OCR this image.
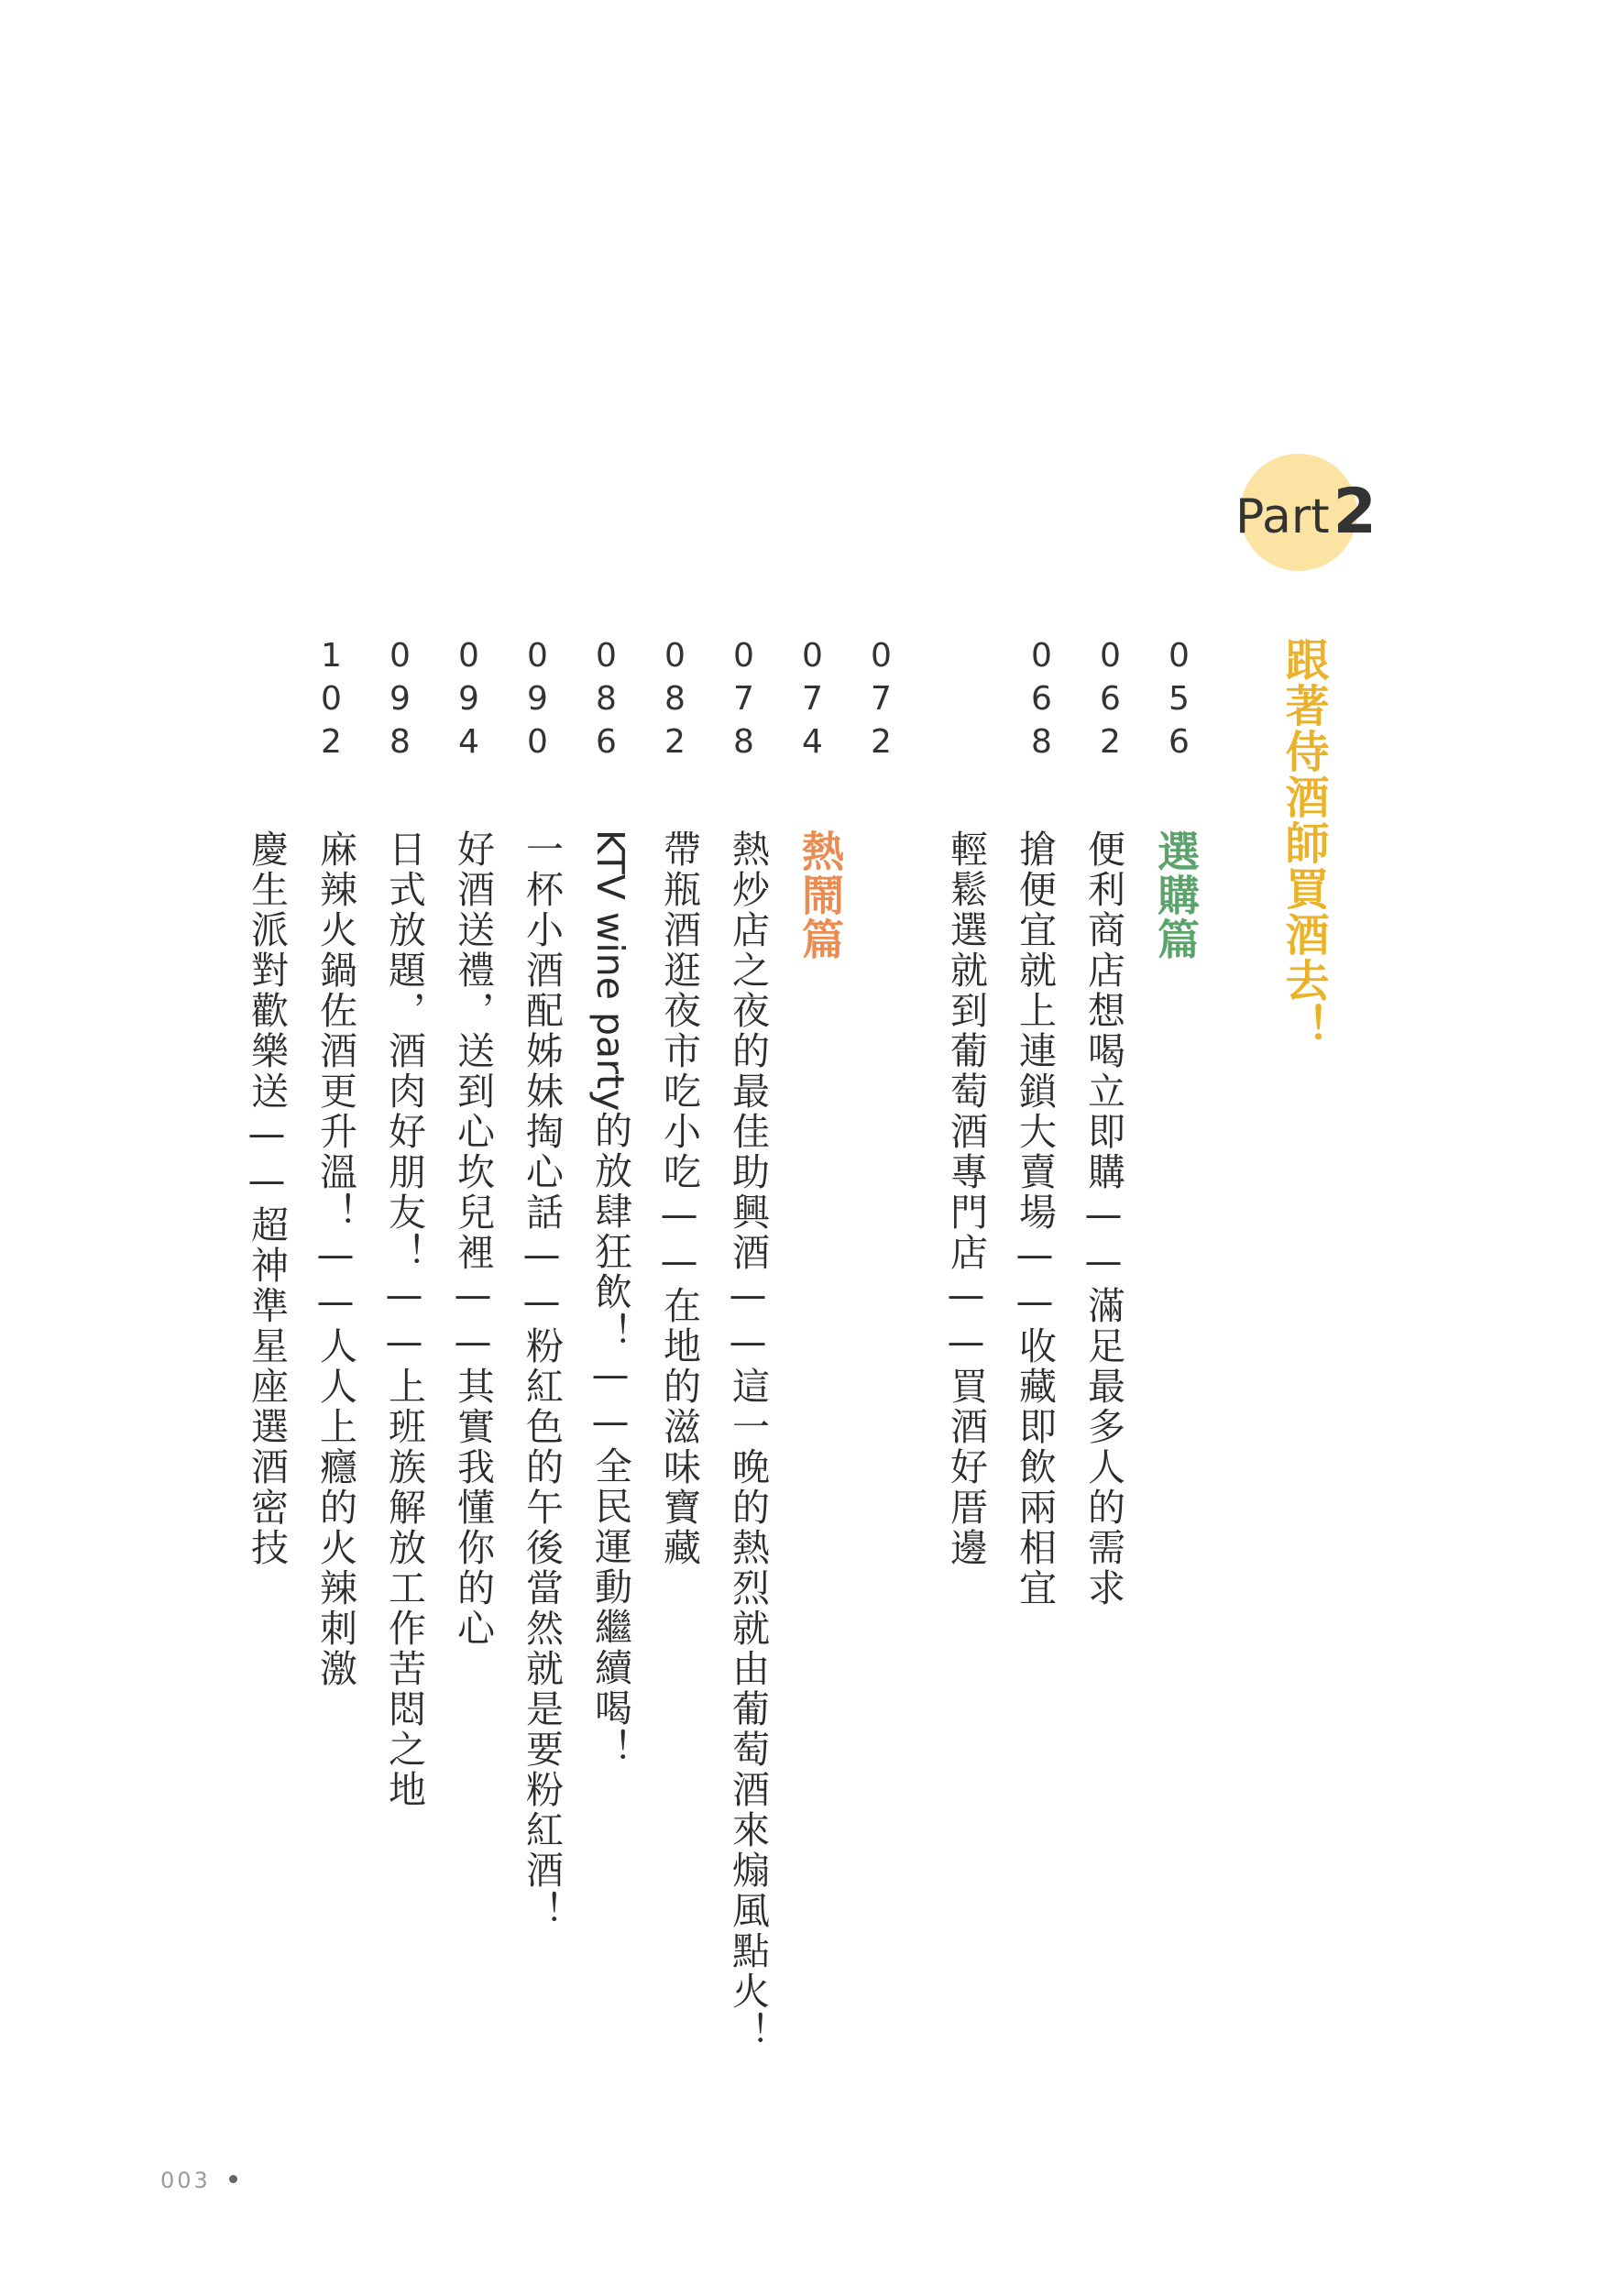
Part2
跟著侍酒師買酒去！
選購篇
056
便利商店想喝立即購——滿足最多人的需求
062
搶便宜就上連鎖大賣場——收藏即飲兩相宜
068
輕鬆選就到葡萄酒專門店——買酒好厝邊
072
熱鬧篇
074
熱炒店之夜的最佳助興酒——這一晚的熱烈就由葡萄酒來煽風點火！
078
帶瓶酒逛夜市吃小吃——在地的滋味寶藏
082
KTV wine party
的放肆狂飲！——全民運動繼續喝！
086
一杯小酒配姊妹掏心話——粉紅色的午後當然就是要粉紅酒！
090
好酒送禮，送到心坎兒裡——其實我懂你的心
094
日式放題，酒肉好朋友！——上班族解放工作苦悶之地
098
麻辣火鍋佐酒更升溫！——人人上癮的火辣刺激
102
慶生派對歡樂送——超神準星座選酒密技
003
